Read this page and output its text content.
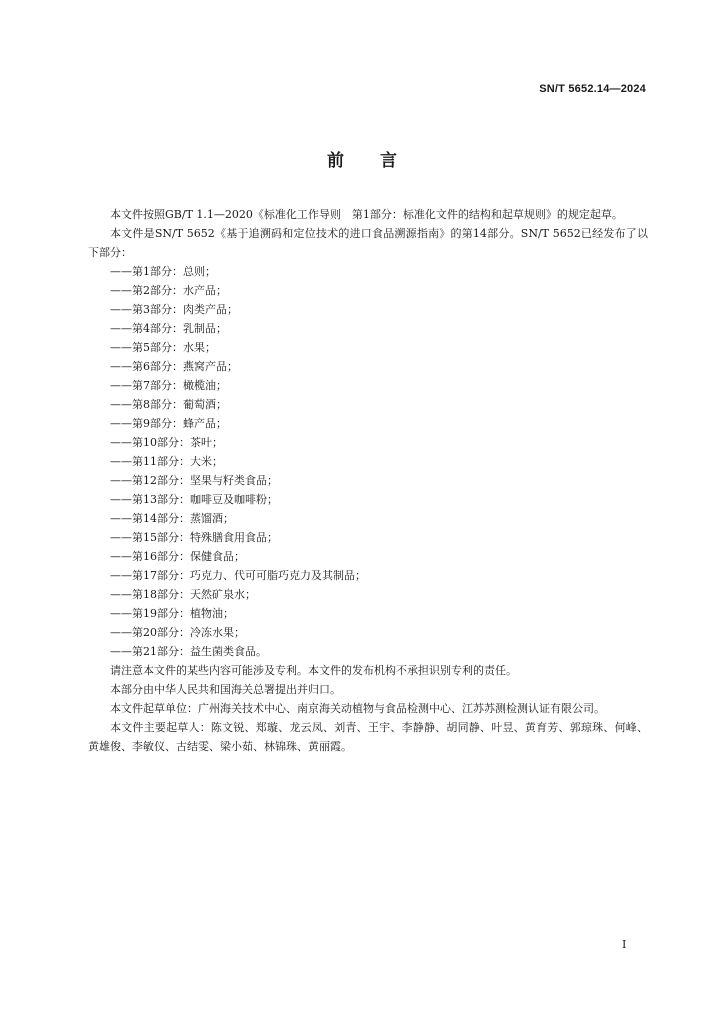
SN/T 5652.14—2024
前言

本文件按照GB/T 1.1—2020《标准化工作导则　第1部分：标准化文件的结构和起草规则》的规定起草。

本文件是SN/T 5652《基于追溯码和定位技术的进口食品溯源指南》的第14部分。SN/T 5652已经发布了以下部分：

——第1部分：总则；

——第2部分：水产品；

——第3部分：肉类产品；

——第4部分：乳制品；

——第5部分：水果；

——第6部分：燕窝产品；

——第7部分：橄榄油；

——第8部分：葡萄酒；

——第9部分：蜂产品；

——第10部分：茶叶；

——第11部分：大米；

——第12部分：坚果与籽类食品；

——第13部分：咖啡豆及咖啡粉；

——第14部分：蒸馏酒；

——第15部分：特殊膳食用食品；

——第16部分：保健食品；

——第17部分：巧克力、代可可脂巧克力及其制品；

——第18部分：天然矿泉水；

——第19部分：植物油；

——第20部分：冷冻水果；

——第21部分：益生菌类食品。

请注意本文件的某些内容可能涉及专利。本文件的发布机构不承担识别专利的责任。

本部分由中华人民共和国海关总署提出并归口。

本文件起草单位：广州海关技术中心、南京海关动植物与食品检测中心、江苏苏测检测认证有限公司。

本文件主要起草人：陈文锐、郑璇、龙云凤、刘青、王宇、李静静、胡同静、叶昱、黄育芳、郭琼珠、何峰、黄雄俊、李敏仪、古结雯、梁小茹、林锦珠、黄丽霞。

I
